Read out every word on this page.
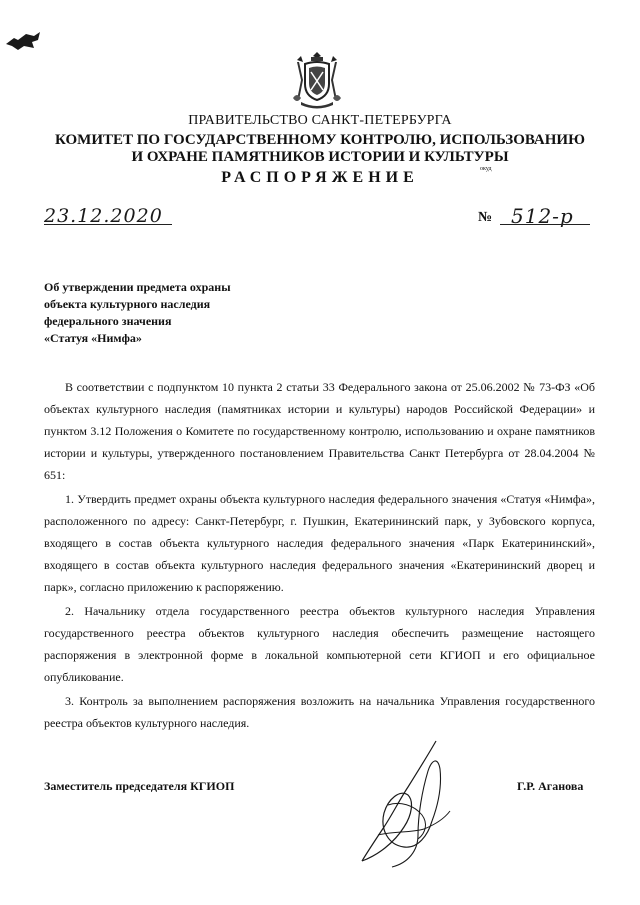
ПРАВИТЕЛЬСТВО САНКТ-ПЕТЕРБУРГА
КОМИТЕТ ПО ГОСУДАРСТВЕННОМУ КОНТРОЛЮ, ИСПОЛЬЗОВАНИЮ
И ОХРАНЕ ПАМЯТНИКОВ ИСТОРИИ И КУЛЬТУРЫ
РАСПОРЯЖЕНИЕ	окуд
23.12.2020	№ 512-р
Об утверждении предмета охраны
объекта культурного наследия
федерального значения
«Статуя «Нимфа»

В соответствии с подпунктом 10 пункта 2 статьи 33 Федерального закона от 25.06.2002 № 73-ФЗ «Об объектах культурного наследия (памятниках истории и культуры) народов Российской Федерации» и пунктом 3.12 Положения о Комитете по государственному контролю, использованию и охране памятников истории и культуры, утвержденного постановлением Правительства Санкт Петербурга от 28.04.2004 № 651:

1. Утвердить предмет охраны объекта культурного наследия федерального значения «Статуя «Нимфа», расположенного по адресу: Санкт-Петербург, г. Пушкин, Екатерининский парк, у Зубовского корпуса, входящего в состав объекта культурного наследия федерального значения «Парк Екатерининский», входящего в состав объекта культурного наследия федерального значения «Екатерининский дворец и парк», согласно приложению к распоряжению.

2. Начальнику отдела государственного реестра объектов культурного наследия Управления государственного реестра объектов культурного наследия обеспечить размещение настоящего распоряжения в электронной форме в локальной компьютерной сети КГИОП и его официальное опубликование.

3. Контроль за выполнением распоряжения возложить на начальника Управления государственного реестра объектов культурного наследия.

Заместитель председателя КГИОП	Г.Р. Аганова
